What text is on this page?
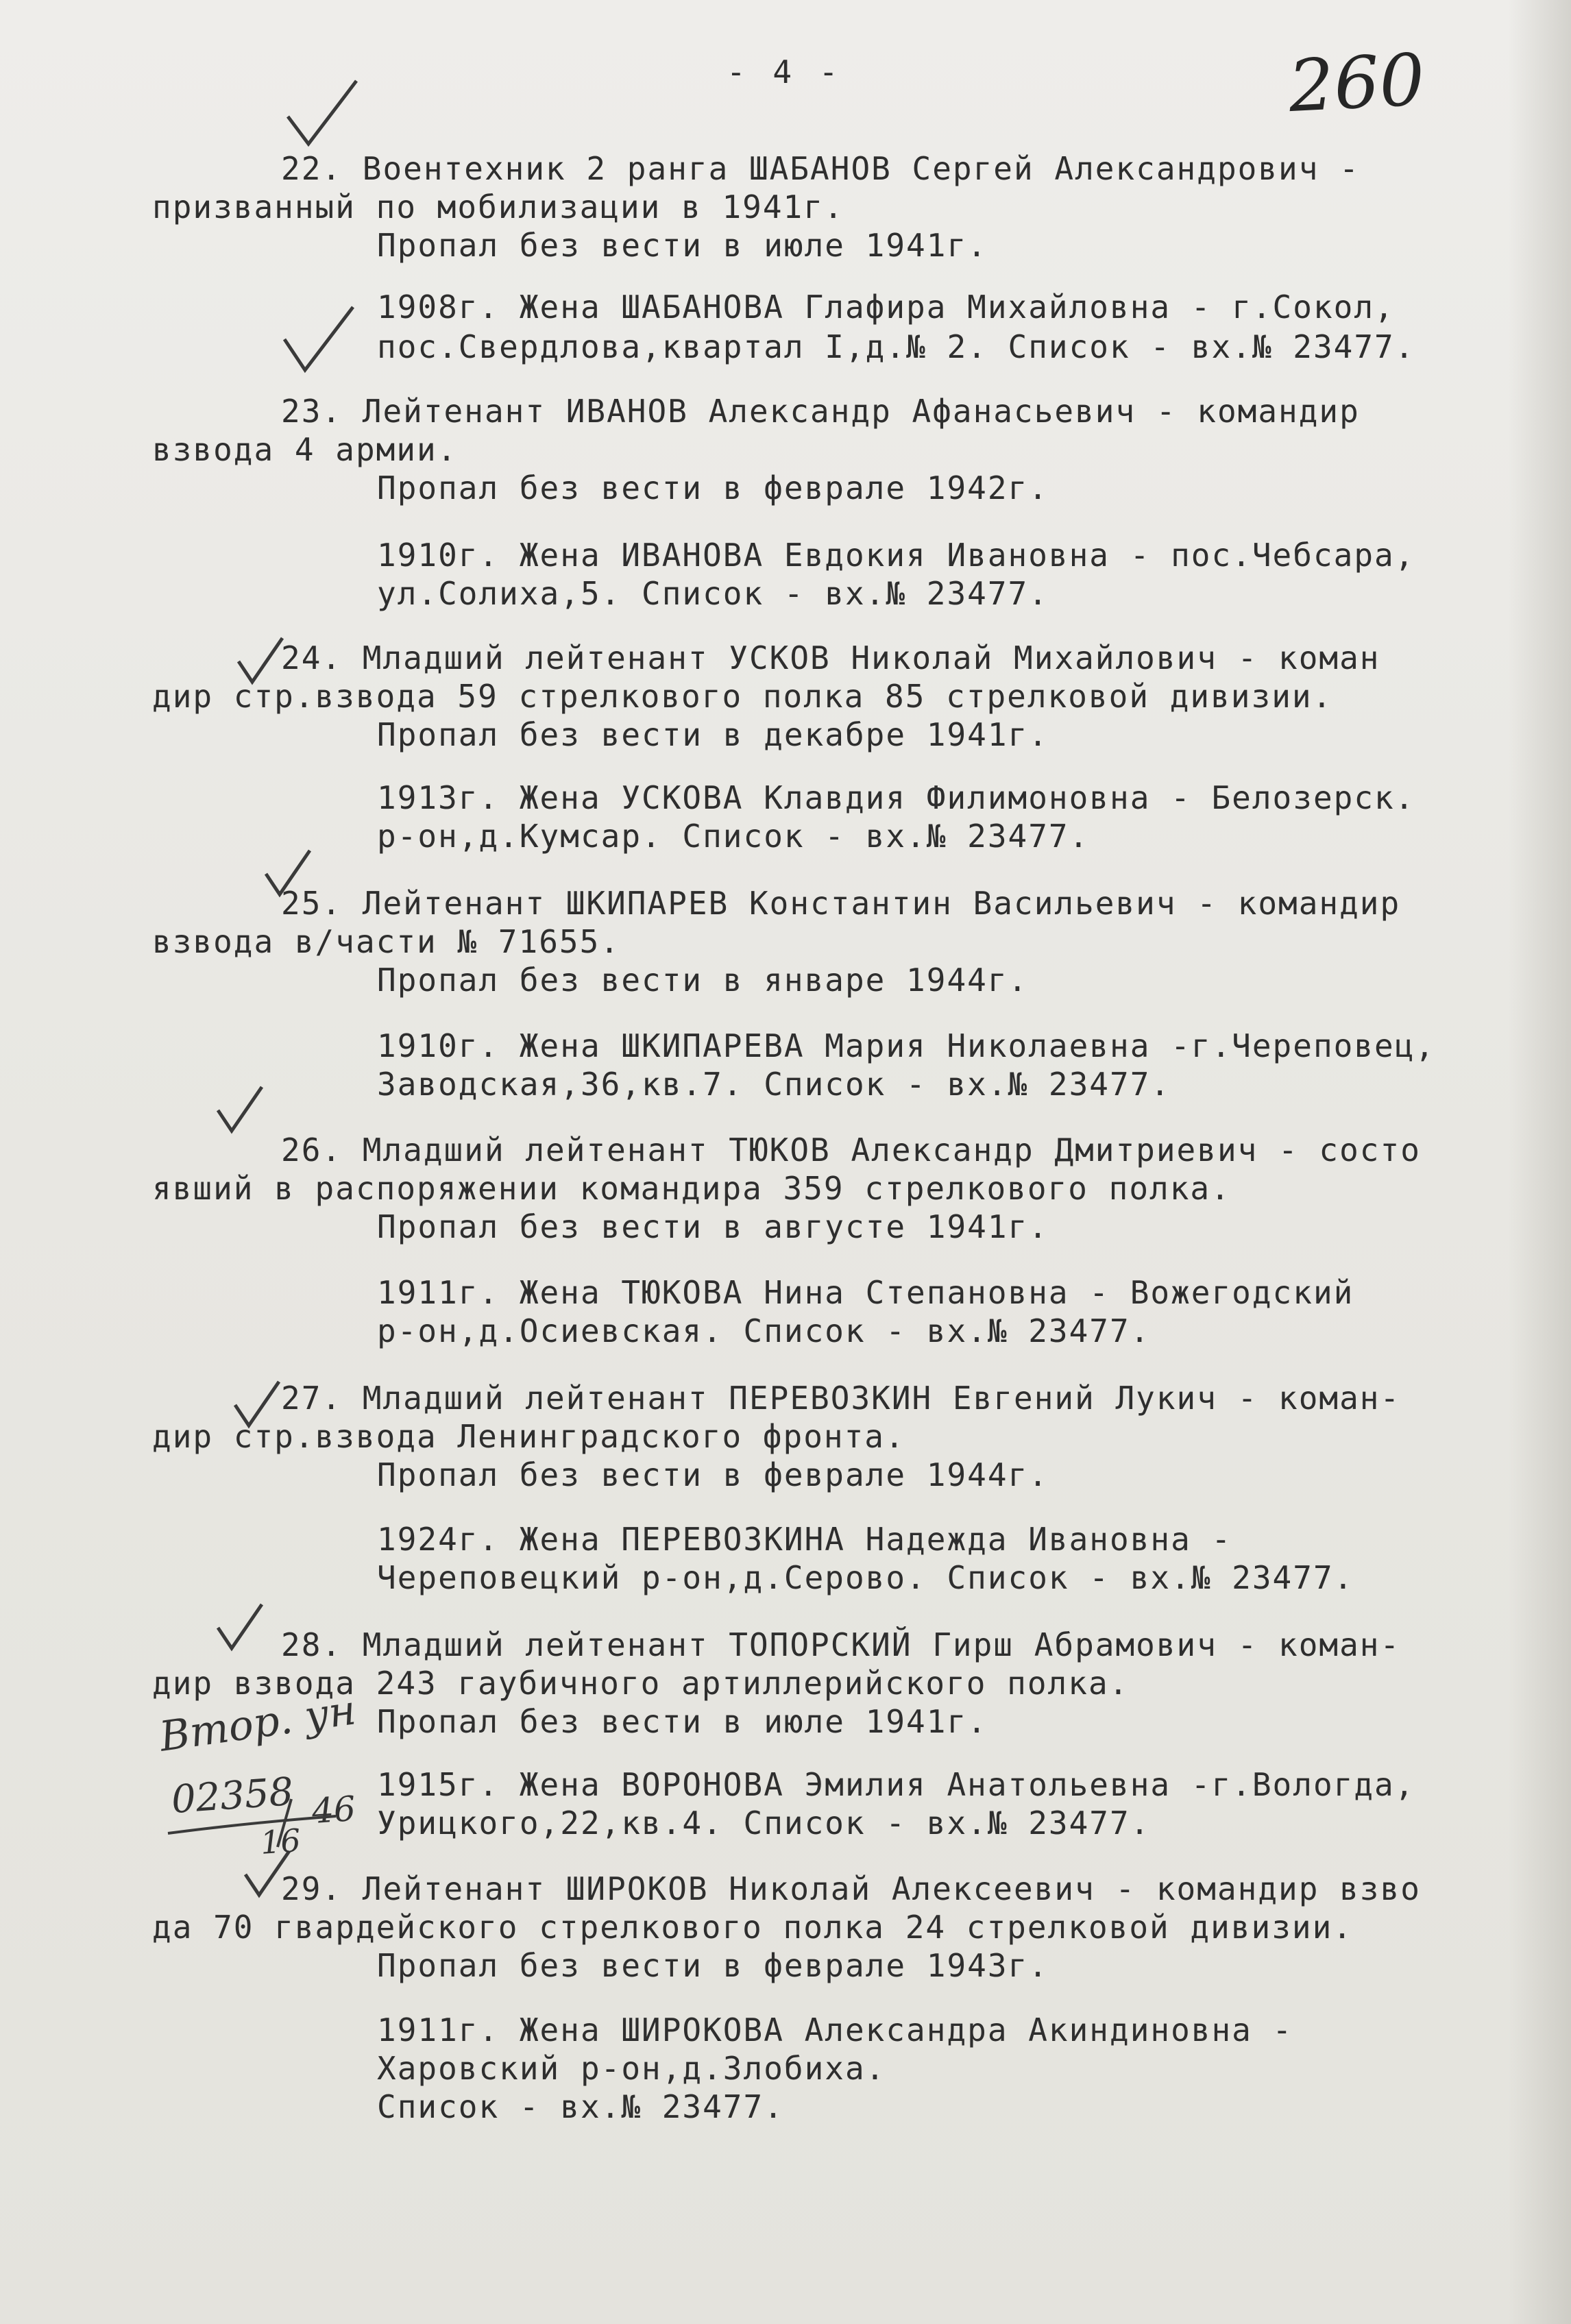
- 4 -	260
22. Воентехник 2 ранга ШАБАНОВ Сергей Александрович -
призванный по мобилизации в 1941г.
Пропал без вести в июле 1941г.
1908г. Жена ШАБАНОВА Глафира Михайловна - г.Сокол,
пос.Свердлова,квартал I,д.№ 2. Список - вх.№ 23477.
23. Лейтенант ИВАНОВ Александр Афанасьевич - командир
взвода 4 армии.
Пропал без вести в феврале 1942г.
1910г. Жена ИВАНОВА Евдокия Ивановна - пос.Чебсара,
ул.Солиха,5. Список - вх.№ 23477.
24. Младший лейтенант УСКОВ Николай Михайлович - коман
дир стр.взвода 59 стрелкового полка 85 стрелковой дивизии.
Пропал без вести в декабре 1941г.
1913г. Жена УСКОВА Клавдия Филимоновна - Белозерск.
р-он,д.Кумсар. Список - вх.№ 23477.
25. Лейтенант ШКИПАРЕВ Константин Васильевич - командир
взвода в/части № 71655.
Пропал без вести в январе 1944г.
1910г. Жена ШКИПАРЕВА Мария Николаевна -г.Череповец,
Заводская,36,кв.7. Список - вх.№ 23477.
26. Младший лейтенант ТЮКОВ Александр Дмитриевич - состо
явший в распоряжении командира 359 стрелкового полка.
Пропал без вести в августе 1941г.
1911г. Жена ТЮКОВА Нина Степановна - Вожегодский
р-он,д.Осиевская. Список - вх.№ 23477.
27. Младший лейтенант ПЕРЕВОЗКИН Евгений Лукич - коман-
дир стр.взвода Ленинградского фронта.
Пропал без вести в феврале 1944г.
1924г. Жена ПЕРЕВОЗКИНА Надежда Ивановна -
Череповецкий р-он,д.Серово. Список - вх.№ 23477.
28. Младший лейтенант ТОПОРСКИЙ Гирш Абрамович - коман-
дир взвода 243 гаубичного артиллерийского полка.
Пропал без вести в июле 1941г.
1915г. Жена ВОРОНОВА Эмилия Анатольевна -г.Вологда,
Урицкого,22,кв.4. Список - вх.№ 23477.
29. Лейтенант ШИРОКОВ Николай Алексеевич - командир взво
да 70 гвардейского стрелкового полка 24 стрелковой дивизии.
Пропал без вести в феврале 1943г.
1911г. Жена ШИРОКОВА Александра Акиндиновна -
Харовский р-он,д.Злобиха.
Список - вх.№ 23477.
Втор. ун
02358 46
16
